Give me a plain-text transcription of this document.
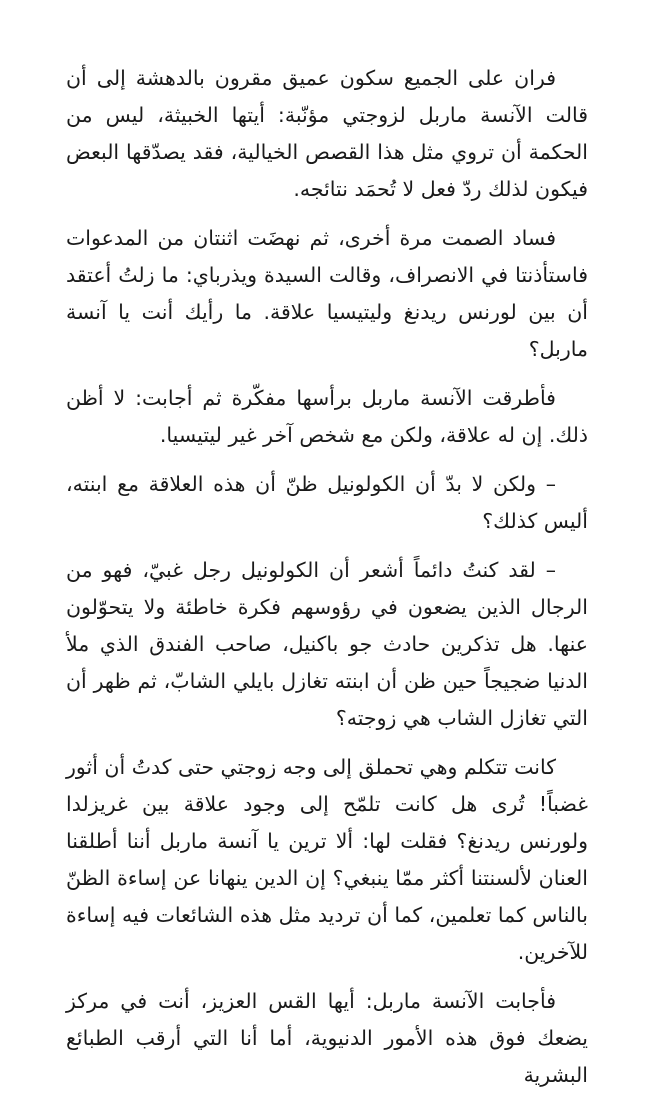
فران على الجميع سكون عميق مقرون بالدهشة إلى أن قالت الآنسة ماربل لزوجتي مؤنّبة: أيتها الخبيثة، ليس من الحكمة أن تروي مثل هذا القصص الخيالية، فقد يصدّقها البعض فيكون لذلك ردّ فعل لا تُحمَد نتائجه.

فساد الصمت مرة أخرى، ثم نهضَت اثنتان من المدعوات فاستأذنتا في الانصراف، وقالت السيدة ويذرباي: ما زلتُ أعتقد أن بين لورنس ريدنغ وليتيسيا علاقة. ما رأيك أنت يا آنسة ماربل؟

فأطرقت الآنسة ماربل برأسها مفكّرة ثم أجابت: لا أظن ذلك. إن له علاقة، ولكن مع شخص آخر غير ليتيسيا.

– ولكن لا بدّ أن الكولونيل ظنّ أن هذه العلاقة مع ابنته، أليس كذلك؟

– لقد كنتُ دائماً أشعر أن الكولونيل رجل غبيّ، فهو من الرجال الذين يضعون في رؤوسهم فكرة خاطئة ولا يتحوّلون عنها. هل تذكرين حادث جو باكنيل، صاحب الفندق الذي ملأ الدنيا ضجيجاً حين ظن أن ابنته تغازل بايلي الشابّ، ثم ظهر أن التي تغازل الشاب هي زوجته؟

كانت تتكلم وهي تحملق إلى وجه زوجتي حتى كدتُ أن أثور غضباً! تُرى هل كانت تلمّح إلى وجود علاقة بين غريزلدا ولورنس ريدنغ؟ فقلت لها: ألا ترين يا آنسة ماربل أننا أطلقنا العنان لألسنتنا أكثر ممّا ينبغي؟ إن الدين ينهانا عن إساءة الظنّ بالناس كما تعلمين، كما أن ترديد مثل هذه الشائعات فيه إساءة للآخرين.

فأجابت الآنسة ماربل: أيها القس العزيز، أنت في مركز يضعك فوق هذه الأمور الدنيوية، أما أنا التي أرقب الطبائع البشرية
